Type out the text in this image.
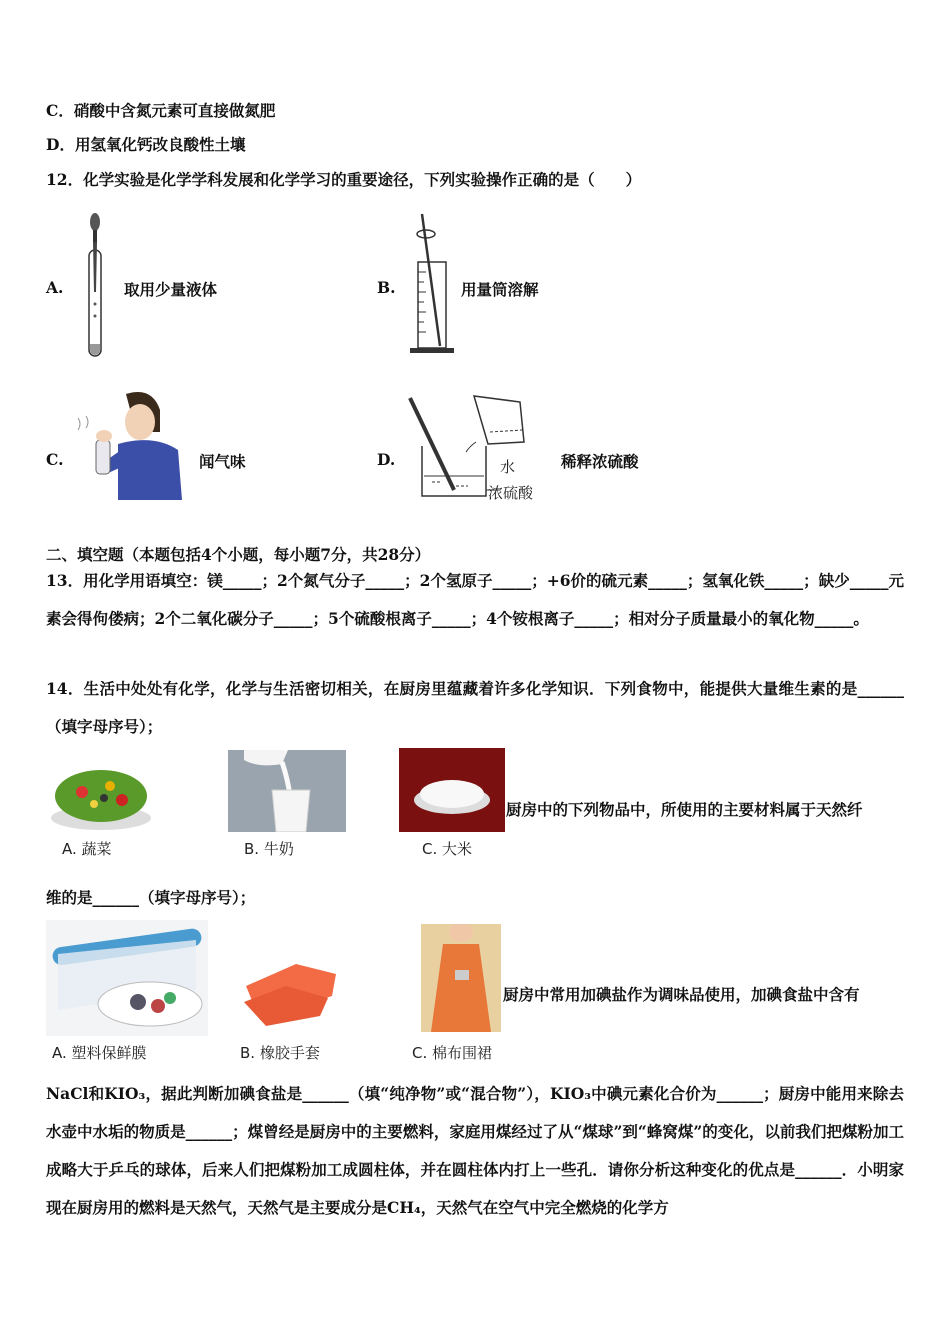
C．硝酸中含氮元素可直接做氮肥
D．用氢氧化钙改良酸性土壤
12．化学实验是化学学科发展和化学学习的重要途径，下列实验操作正确的是（　　）
A.	取用少量液体	B.	用量筒溶解
C.	闻气味	D.	水
浓硫酸
稀释浓硫酸
二、填空题（本题包括4个小题，每小题7分，共28分）
13．用化学用语填空：镁_____；2个氮气分子_____；2个氢原子_____；+6价的硫元素_____；氢氧化铁_____；缺少_____元素会得佝偻病；2个二氧化碳分子_____；5个硫酸根离子_____；4个铵根离子_____；相对分子质量最小的氧化物_____。
14．生活中处处有化学，化学与生活密切相关，在厨房里蕴藏着许多化学知识．下列食物中，能提供大量维生素的是______（填字母序号）；
A. 蔬菜	B. 牛奶	C. 大米
厨房中的下列物品中，所使用的主要材料属于天然纤
维的是______（填字母序号）；
A. 塑料保鲜膜	B. 橡胶手套	C. 棉布围裙
厨房中常用加碘盐作为调味品使用，加碘食盐中含有
NaCl和KIO₃，据此判断加碘食盐是______（填“纯净物”或“混合物”），KIO₃中碘元素化合价为______；厨房中能用来除去水壶中水垢的物质是______；煤曾经是厨房中的主要燃料，家庭用煤经过了从“煤球”到“蜂窝煤”的变化，以前我们把煤粉加工成略大于乒乓的球体，后来人们把煤粉加工成圆柱体，并在圆柱体内打上一些孔．请你分析这种变化的优点是______．小明家现在厨房用的燃料是天然气，天然气是主要成分是CH₄，天然气在空气中完全燃烧的化学方
